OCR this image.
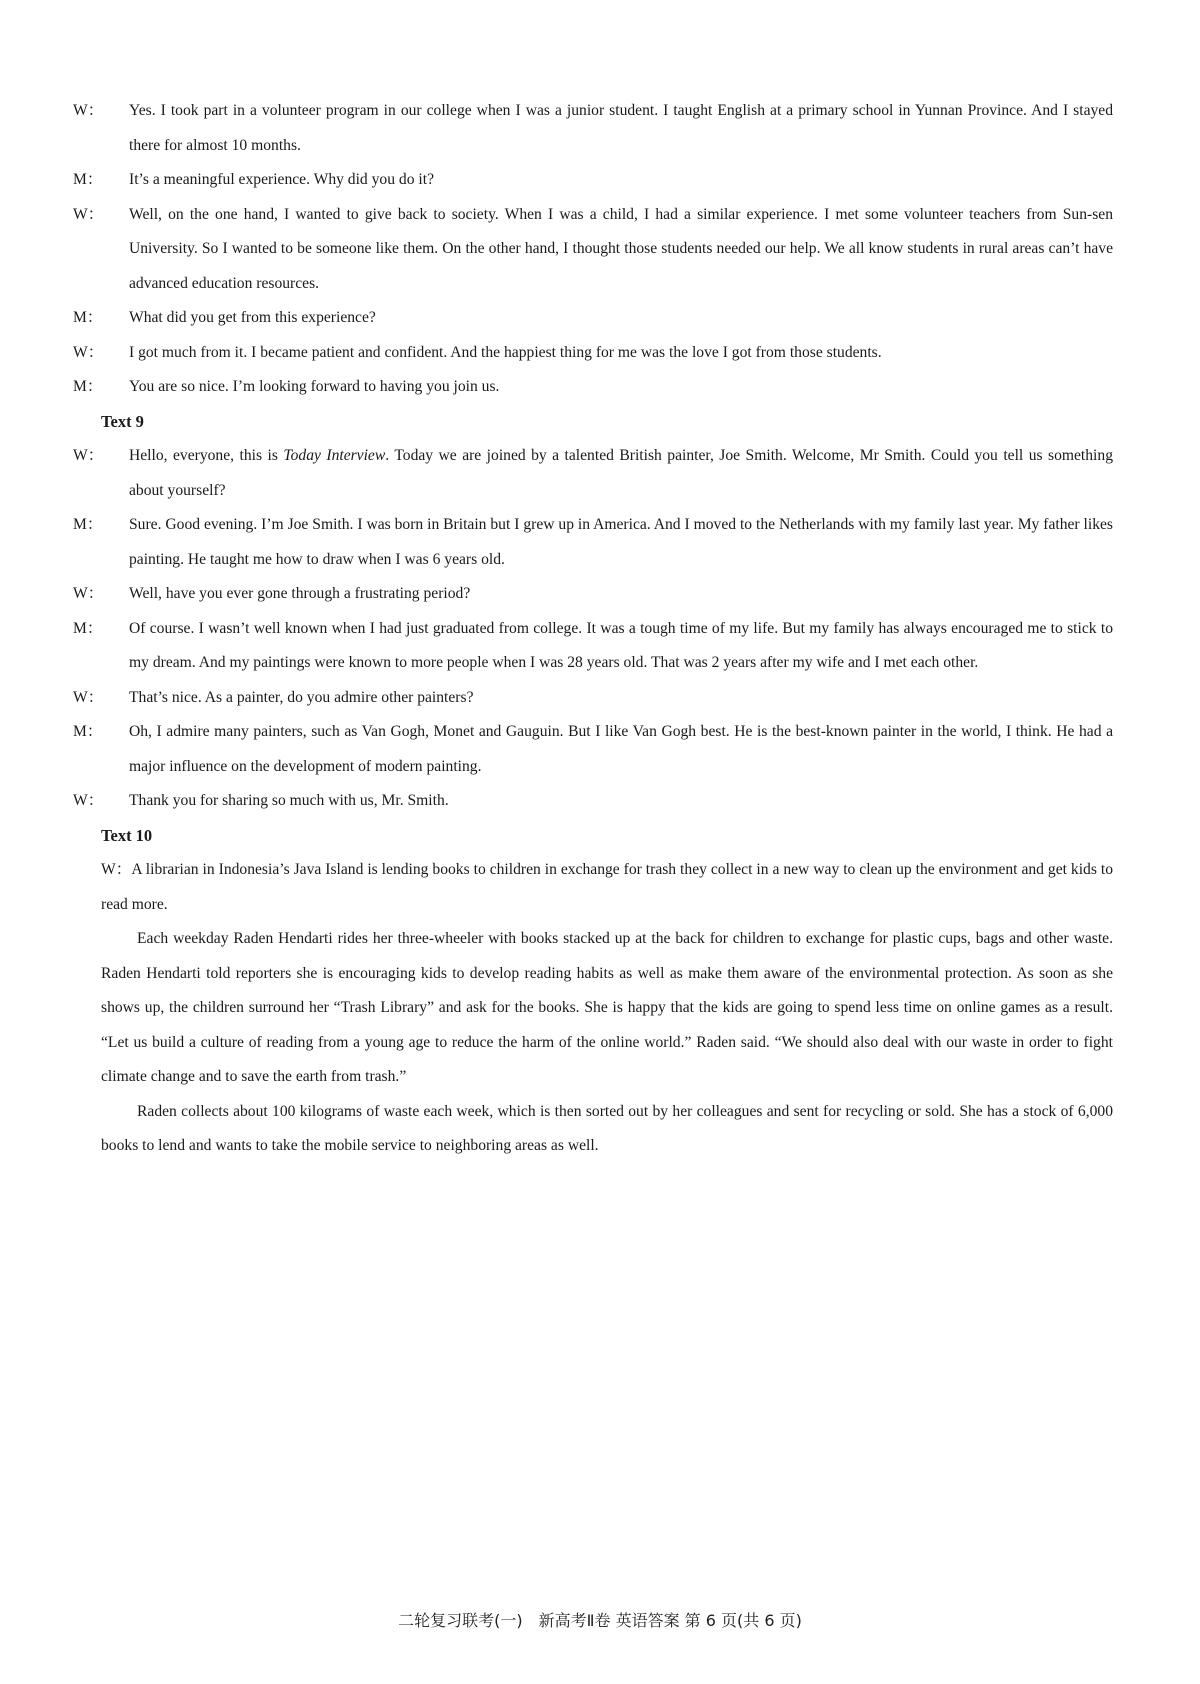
W： Yes. I took part in a volunteer program in our college when I was a junior student. I taught English at a primary school in Yunnan Province. And I stayed there for almost 10 months.

M： It’s a meaningful experience. Why did you do it?

W： Well, on the one hand, I wanted to give back to society. When I was a child, I had a similar experience. I met some volunteer teachers from Sun-sen University. So I wanted to be someone like them. On the other hand, I thought those students needed our help. We all know students in rural areas can’t have advanced education resources.

M： What did you get from this experience?

W： I got much from it. I became patient and confident. And the happiest thing for me was the love I got from those students.

M： You are so nice. I’m looking forward to having you join us.

Text 9

W： Hello, everyone, this is Today Interview. Today we are joined by a talented British painter, Joe Smith. Welcome, Mr Smith. Could you tell us something about yourself?

M： Sure. Good evening. I’m Joe Smith. I was born in Britain but I grew up in America. And I moved to the Netherlands with my family last year. My father likes painting. He taught me how to draw when I was 6 years old.

W： Well, have you ever gone through a frustrating period?

M： Of course. I wasn’t well known when I had just graduated from college. It was a tough time of my life. But my family has always encouraged me to stick to my dream. And my paintings were known to more people when I was 28 years old. That was 2 years after my wife and I met each other.

W： That’s nice. As a painter, do you admire other painters?

M： Oh, I admire many painters, such as Van Gogh, Monet and Gauguin. But I like Van Gogh best. He is the best-known painter in the world, I think. He had a major influence on the development of modern painting.

W： Thank you for sharing so much with us, Mr. Smith.

Text 10

W：A librarian in Indonesia’s Java Island is lending books to children in exchange for trash they collect in a new way to clean up the environment and get kids to read more.

Each weekday Raden Hendarti rides her three-wheeler with books stacked up at the back for children to exchange for plastic cups, bags and other waste. Raden Hendarti told reporters she is encouraging kids to develop reading habits as well as make them aware of the environmental protection. As soon as she shows up, the children surround her “Trash Library” and ask for the books. She is happy that the kids are going to spend less time on online games as a result. “Let us build a culture of reading from a young age to reduce the harm of the online world.” Raden said. “We should also deal with our waste in order to fight climate change and to save the earth from trash.”

Raden collects about 100 kilograms of waste each week, which is then sorted out by her colleagues and sent for recycling or sold. She has a stock of 6,000 books to lend and wants to take the mobile service to neighboring areas as well.

二轮复习联考(一)　新高考Ⅱ卷 英语答案 第 6 页(共 6 页)
